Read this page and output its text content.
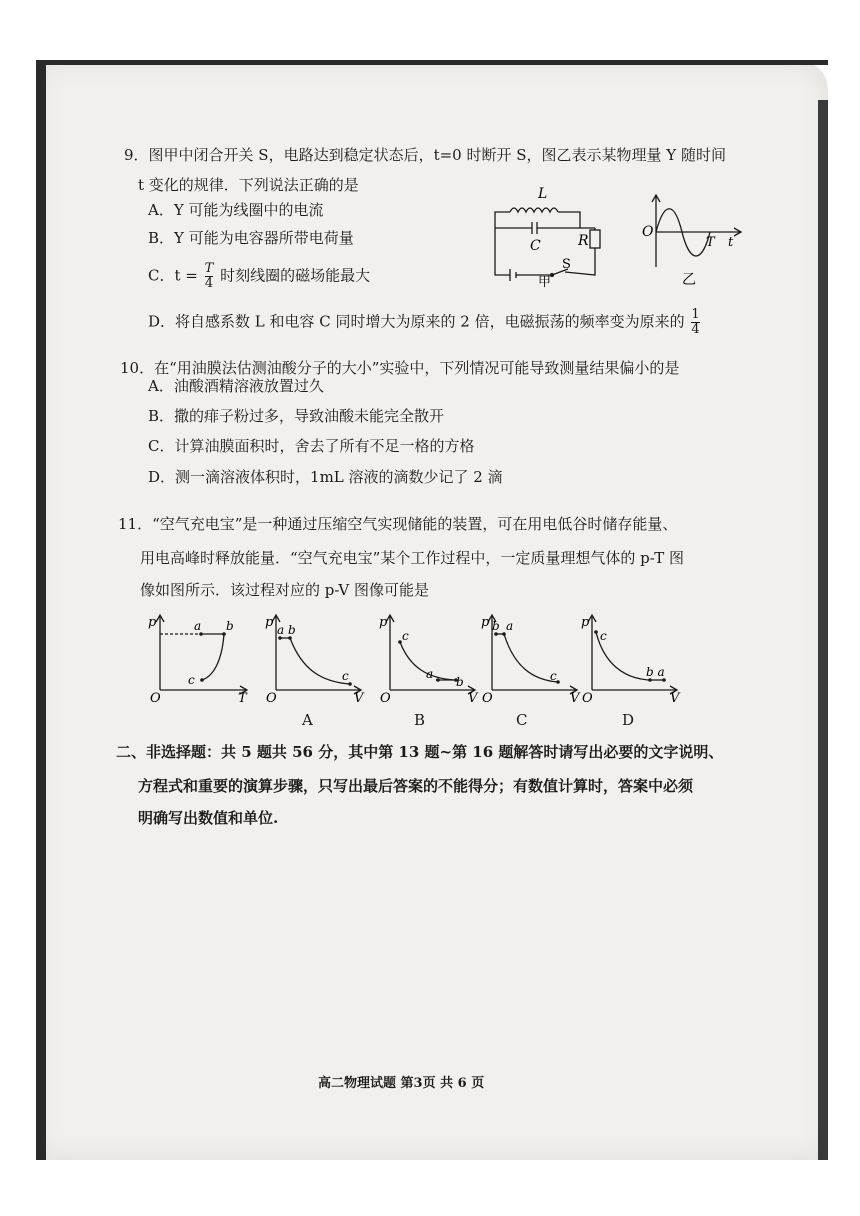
9．图甲中闭合开关 S，电路达到稳定状态后，t=0 时断开 S，图乙表示某物理量 Y 随时间
t 变化的规律．下列说法正确的是
A．Y 可能为线圈中的电流
B．Y 可能为电容器所带电荷量
C．$t = \frac{T}{4}$ 时刻线圈的磁场能最大
D．将自感系数 L 和电容 C 同时增大为原来的 2 倍，电磁振荡的频率变为原来的 $\frac{1}{4}$
L
C	R
S
甲
O
T t
乙
10．在“用油膜法估测油酸分子的大小”实验中，下列情况可能导致测量结果偏小的是
A．油酸酒精溶液放置过久
B．撒的痱子粉过多，导致油酸未能完全散开
C．计算油膜面积时，舍去了所有不足一格的方格
D．测一滴溶液体积时，1mL 溶液的滴数少记了 2 滴
11．“空气充电宝”是一种通过压缩空气实现储能的装置，可在用电低谷时储存能量、
用电高峰时释放能量．“空气充电宝”某个工作过程中，一定质量理想气体的 p-T 图
像如图所示．该过程对应的 p-V 图像可能是
p
O	T
a b
c
p
O	V
a b
c
A
p
O	V
c
a
b
B
p
O	V
b a
c
C
p
O	V
c
b a
D
二、非选择题：共 5 题共 56 分，其中第 13 题~第 16 题解答时请写出必要的文字说明、
方程式和重要的演算步骤，只写出最后答案的不能得分；有数值计算时，答案中必须
明确写出数值和单位.
高二物理试题 第3页 共 6 页
